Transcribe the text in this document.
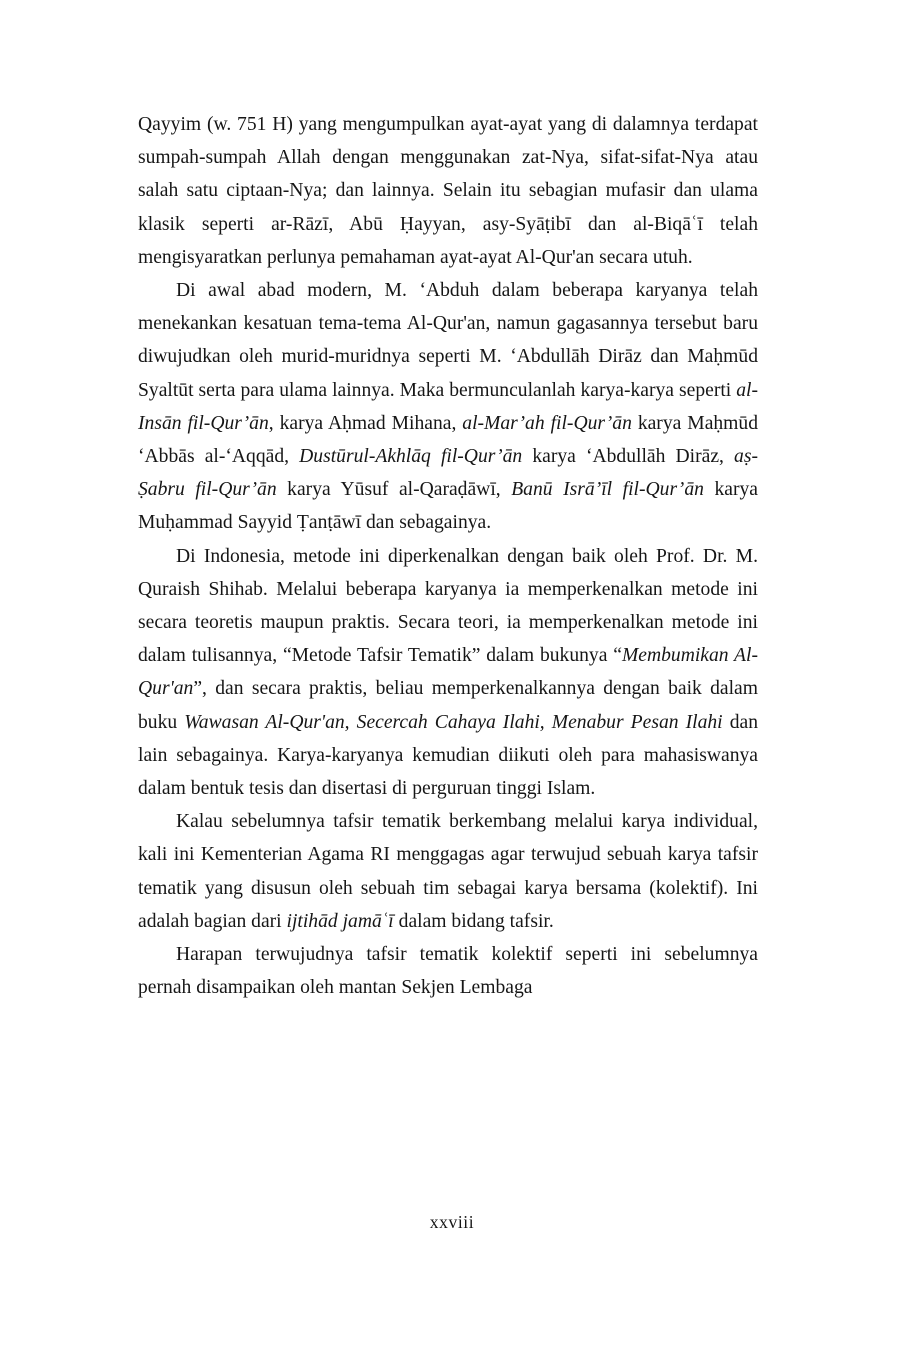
Qayyim (w. 751 H) yang mengumpulkan ayat-ayat yang di dalamnya terdapat sumpah-sumpah Allah dengan menggunakan zat-Nya, sifat-sifat-Nya atau salah satu ciptaan-Nya; dan lainnya. Selain itu sebagian mufasir dan ulama klasik seperti ar-Rāzī, Abū Ḥayyan, asy-Syāṭibī dan al-Biqāʿī telah mengisyaratkan perlunya pemahaman ayat-ayat Al-Qur'an secara utuh.

Di awal abad modern, M. ʻAbduh dalam beberapa karyanya telah menekankan kesatuan tema-tema Al-Qur'an, namun gagasannya tersebut baru diwujudkan oleh murid-muridnya seperti M. ʻAbdullāh Dirāz dan Maḥmūd Syaltūt serta para ulama lainnya. Maka bermunculanlah karya-karya seperti al-Insān fil-Qur’ān, karya Aḥmad Mihana, al-Mar’ah fil-Qur’ān karya Maḥmūd ʻAbbās al-ʻAqqād, Dustūrul-Akhlāq fil-Qur’ān karya ʻAbdullāh Dirāz, aṣ-Ṣabru fil-Qur’ān karya Yūsuf al-Qaraḍāwī, Banū Isrā’īl fil-Qur’ān karya Muḥammad Sayyid Ṭanṭāwī dan sebagainya.

Di Indonesia, metode ini diperkenalkan dengan baik oleh Prof. Dr. M. Quraish Shihab. Melalui beberapa karyanya ia memperkenalkan metode ini secara teoretis maupun praktis. Secara teori, ia memperkenalkan metode ini dalam tulisannya, “Metode Tafsir Tematik” dalam bukunya “Membumikan Al-Qur'an”, dan secara praktis, beliau memperkenalkannya dengan baik dalam buku Wawasan Al-Qur'an, Secercah Cahaya Ilahi, Menabur Pesan Ilahi dan lain sebagainya. Karya-karyanya kemudian diikuti oleh para mahasiswanya dalam bentuk tesis dan disertasi di perguruan tinggi Islam.

Kalau sebelumnya tafsir tematik berkembang melalui karya individual, kali ini Kementerian Agama RI menggagas agar terwujud sebuah karya tafsir tematik yang disusun oleh sebuah tim sebagai karya bersama (kolektif). Ini adalah bagian dari ijtihād jamāʿī dalam bidang tafsir.

Harapan terwujudnya tafsir tematik kolektif seperti ini sebelumnya pernah disampaikan oleh mantan Sekjen Lembaga

xxviii
